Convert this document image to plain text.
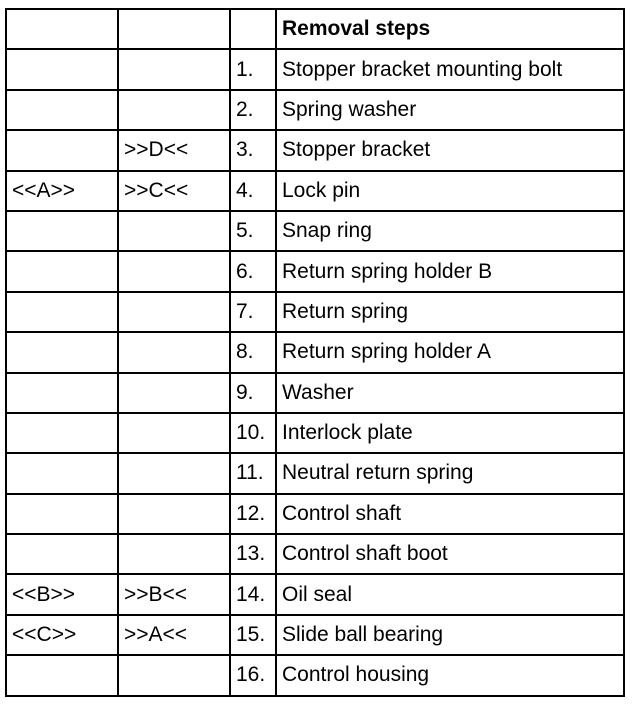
			Removal steps
		1.	Stopper bracket mounting bolt
		2.	Spring washer
	>>D<<	3.	Stopper bracket
<<A>>	>>C<<	4.	Lock pin
		5.	Snap ring
		6.	Return spring holder B
		7.	Return spring
		8.	Return spring holder A
		9.	Washer
		10.	Interlock plate
		11.	Neutral return spring
		12.	Control shaft
		13.	Control shaft boot
<<B>>	>>B<<	14.	Oil seal
<<C>>	>>A<<	15.	Slide ball bearing
		16.	Control housing
